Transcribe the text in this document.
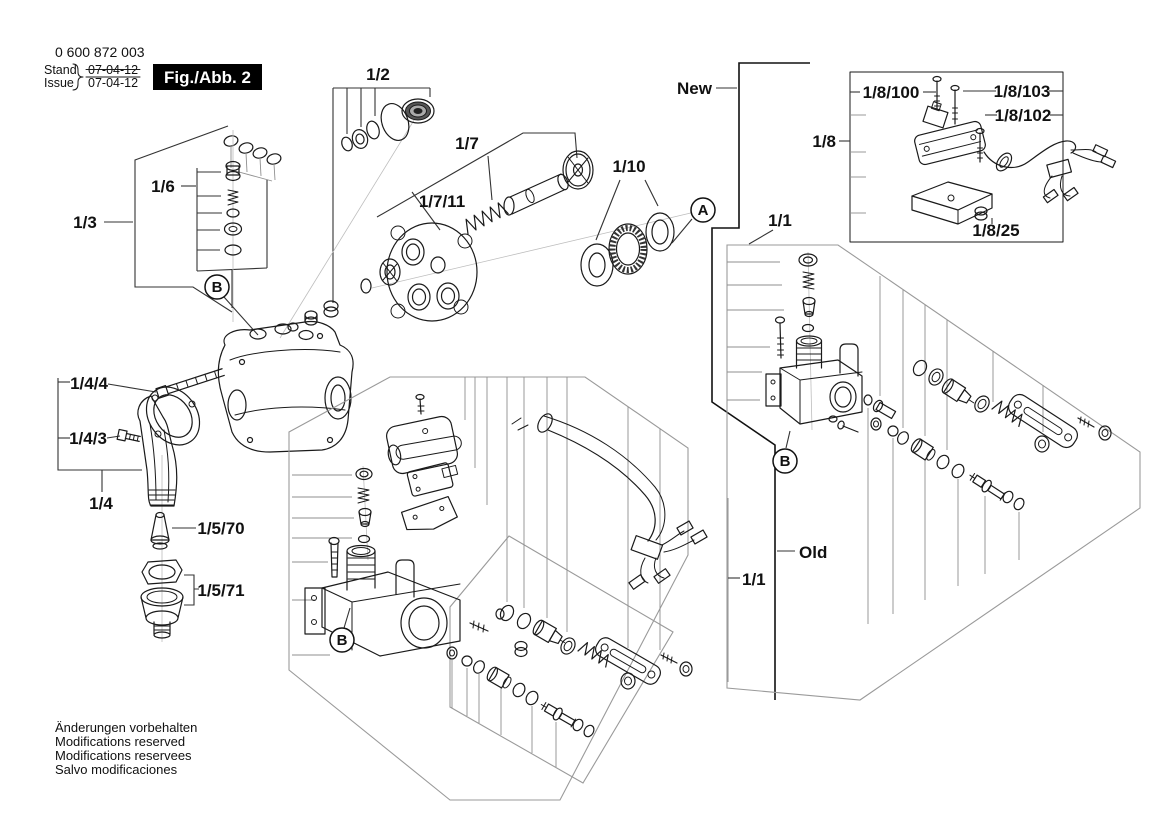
0 600 872 003
Stand
Issue
07-04-12
07-04-12 Fig./Abb. 2
New
Old
1/2
1/3
1/6
B
1/7
1/7/11
1/10
A
1/8
1/8/100	1/8/103
1/8/102
1/8/25
1/1
B
1/1
B
1/4/4
1/4/3
1/4
1/5/70
1/5/71
Änderungen vorbehalten
Modifications reserved
Modifications reservees
Salvo modificaciones
